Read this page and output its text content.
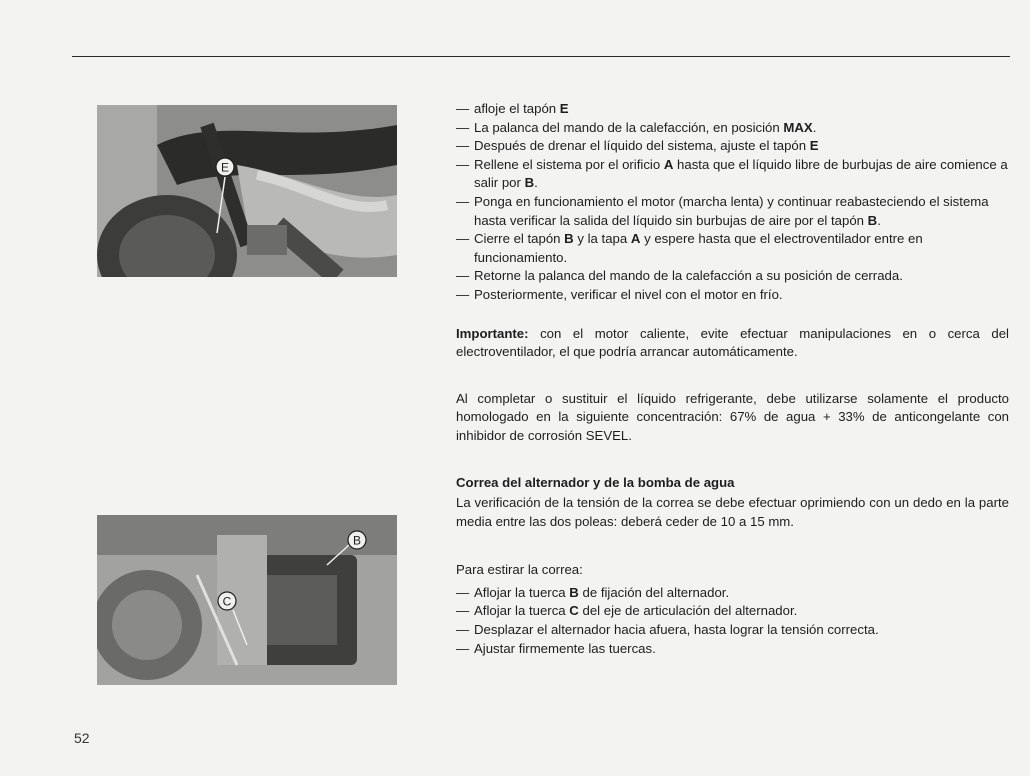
E
B
C
— afloje el tapón E
— La palanca del mando de la calefacción, en posición MAX.
— Después de drenar el líquido del sistema, ajuste el tapón E
— Rellene el sistema por el orificio A hasta que el líquido libre de burbujas de aire comience a salir por B.
— Ponga en funcionamiento el motor (marcha lenta) y continuar reabasteciendo el sistema hasta verificar la salida del líquido sin burbujas de aire por el tapón B.
— Cierre el tapón B y la tapa A y espere hasta que el electroventilador entre en funcionamiento.
— Retorne la palanca del mando de la calefacción a su posición de cerrada.
— Posteriormente, verificar el nivel con el motor en frío.

Importante: con el motor caliente, evite efectuar manipulaciones en o cerca del electroventilador, el que podría arrancar automáticamente.

Al completar o sustituir el líquido refrigerante, debe utilizarse solamente el producto homologado en la siguiente concentración: 67% de agua + 33% de anticongelante con inhibidor de corrosión SEVEL.

Correa del alternador y de la bomba de agua

La verificación de la tensión de la correa se debe efectuar oprimiendo con un dedo en la parte media entre las dos poleas: deberá ceder de 10 a 15 mm.

Para estirar la correa:

— Aflojar la tuerca B de fijación del alternador.
— Aflojar la tuerca C del eje de articulación del alternador.
— Desplazar el alternador hacia afuera, hasta lograr la tensión correcta.
— Ajustar firmemente las tuercas.
52
